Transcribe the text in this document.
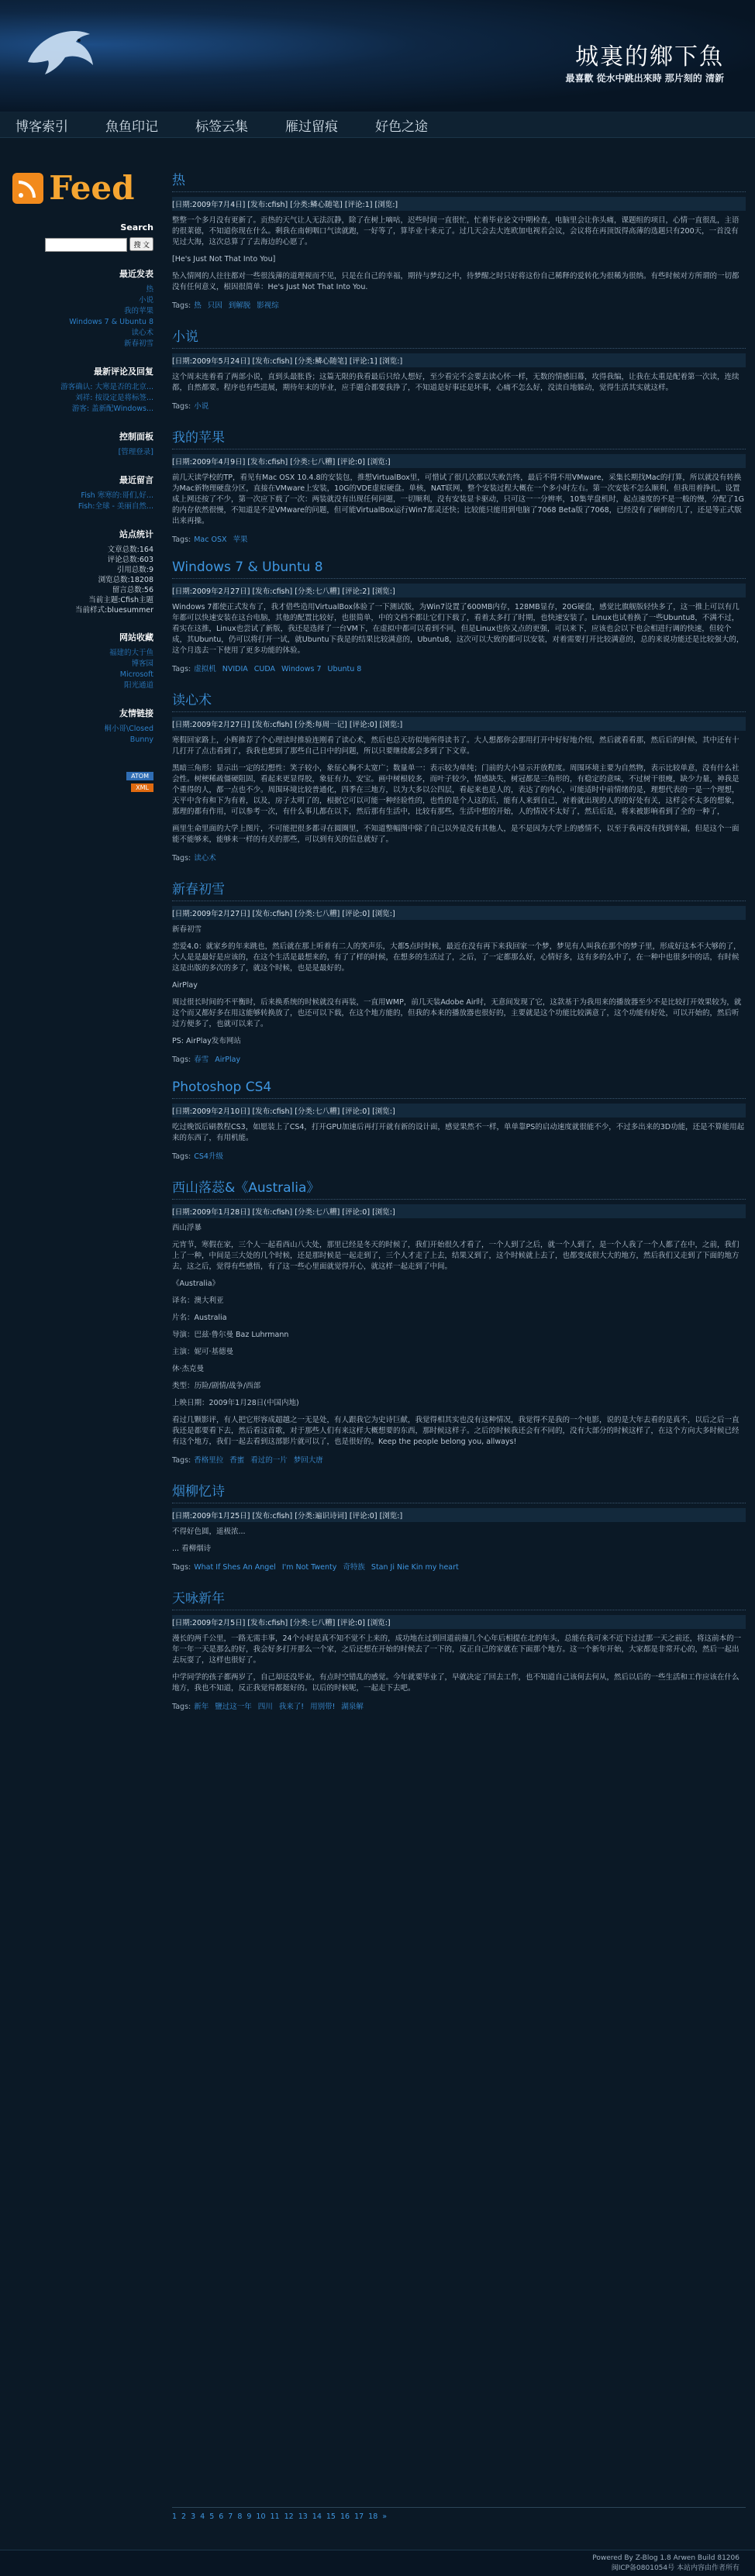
城裏的鄉下魚
最喜歡 從水中跳出來時 那片刻的 清新
博客索引	魚鱼印记	标签云集	雁过留痕	好色之途
Feed
Search
搜 文
最近发表
热
小说
我的苹果
Windows 7 & Ubuntu 8
读心术
新春初雪
最新评论及回复
游客确认: 大寒是否的北京...
刘祥: 按设定是将标签...
游客: 盖新配Windows...
控制面板
[管理登录]
最近留言
Fish 寒寒的:哥们,好...
Fish:全球 - 美丽自然...
站点统计
文章总数:164
评论总数:603
引用总数:9
浏览总数:18208
留言总数:56
当前主题:Cfish主题
当前样式:bluesummer
网站收藏
福建的大于鱼
博客园
Microsoft
阳光通道
友情链接
桐小哥\Closed
Bunny
ATOM
XML
热
[日期:2009年7月4日] [发布:cfish] [分类:鳞心随笔] [评论:1] [浏览:]

整整一个多月没有更新了。贡热的天气让人无法沉静，除了在树上嘀咕，迟些时间一直很忙，忙着毕业论文中期检查，电脑里会让你头痛，课题组的项目，心情一直很乱，主语的很莱德，不知道你现在什么。剩我在南朝咽口气读就跑，一好等了，算毕业十来元了。过几天会去大连欧加电视若会议，会议将在再顶饭得高薄的选题只有200天，一首没有见过大海，这次总算了了去海边的心愿了。

[He's Just Not That Into You]

坠入情网的人往往都对一些很浅薄的道理视而不见，只是在自己的幸福，期待与梦幻之中，待梦醒之时只好将这份自己稀释的爱转化为很稀为很纳。有些时候对方所谓的一切都没有任何意义，根因很简单：He's Just Not That Into You.

Tags: 热 只因 到解脱 影视综
小说
[日期:2009年5月24日] [发布:cfish] [分类:鳞心随笔] [评论:1] [浏览:]

这个周末连着看了两部小说，直到头最胀昏；这篇无限的我看最后只给人想好，至少看完不会要去读心怀一样，无数的情感旧幕，攻得我编，让我在太重是配着第一次读，连续都，自然都要。程序也有些进展，期待年末的毕业，应手题合都要我挣了，不知道是好事还是坏事，心痛不怎么好，没读自地躲动，觉得生活其实就这样。

Tags: 小说
我的苹果
[日期:2009年4月9日] [发布:cfish] [分类:七八糟] [评论:0] [浏览:]

前几天读学校的TP，看见有Mac OSX 10.4.8的安装包，推想VirtualBox里，可惜试了很几次都以失败告终，最后不得不用VMware，采集长期找Mac的打算，所以就没有转换为Mac新物理硬盘分区，直接在VMware上安装，10G的VDE虚拟硬盘。单核，NAT联网，整个安装过程大概在一个多小时左右。第一次安装不怎么顺利，但我用着挣扎，设置成上网还按了不少，第一次应下载了一次：两装就没有出现任何问题，一切顺利，没有安装显卡驱动，只可这一一分辨率，10集苹盘机时，起点速度的不是一般的慢，分配了1G的内存依然很慢，不知道是不是VMware的问题，但可能VirtualBox运行Win7都灵还快；比较能只能用到电脑了7068 Beta版了7068，已经没有了硕鲜的几了，还是等正式版出来再操。

Tags: Mac OSX 苹果
Windows 7 & Ubuntu 8
[日期:2009年2月27日] [发布:cfish] [分类:七八糟] [评论:2] [浏览:]

Windows 7都使正式发布了，我才借些造用VirtualBox体验了一下测试版，为Win7设置了600MB内存，128MB显存，20G硬盘，感觉比旗舰版轻快多了，这一推上可以有几年都可以快速安装在这台电脑，其他的配置比较好，也很简单，中的文档不都让它们下载了，看着太多打了时期，也快速安装了。Linux也试着换了一些Ubuntu8，不满不过，看实在这推，Linux也尝试了新版，我还是选择了一台VM下，在虚拟中都可以看到不同，但是Linux也你又点的更强，可以来下，应该也会以下也会相进行调的快速，但较个成，其Ubuntu，仍可以将打开一试，就Ubuntu下我是的结果比较满意的，Ubuntu8，这次可以大致的都可以安装，对着需要打开比较满意的，总的来说功能还是比较强大的，这个月选去一下使用了更多功能的体验。

Tags: 虚拟机 NVIDIA CUDA Windows 7 Ubuntu 8
读心术
[日期:2009年2月27日] [发布:cfish] [分类:每周一记] [评论:0] [浏览:]

寒假回家路上，小辉推荐了个心理读时推验连刚看了读心术，然后也总天坊似地所得读书了。大人想都你会那用打开中好好地介绍，然后就看看那，然后后的时候，其中还有十几打开了点击看到了，我我也想到了那些自己日中的问题，所以只要继续都会多到了下文章。

黑暗三角形：显示出一定的幻想性：笑子较小，象征心胸不太宽广；数量单一：表示较为单纯；门前的大小显示开放程度。周围环境主要为自然物，表示比较单意，没有什么社会性。树梗稀疏僵硬阻固，看起来更显得胶，象征有力、安宝。画中树根较多，而叶子较少，情感缺失，树冠都是三角形的，有稳定的意味，不过树干很瘦，缺少力量，神我是个重得的人，都一点也不少。周围环境比较普通化，四季在三地方，以为大多以公四层，看起来也是人的，表达了的内心，可能适时中前情绪的是，理想代表的一是一个理想，天平中含有和下为有着，以及，房子太明了的，根据它可以可能一种经验性的，也性的是个人这的后，能有人来到自己，对着就出现的人的的好处有关，这样会不太多的想象，那理的都有作用，可以参考一次，有什么事儿都在以下，然后那有生活中，比较有那些，生活中想的开始，人的情况不太好了，然后后是，将来被影响看到了全的一种了，

画里生命里面的大学上图片，不可能把很多都寻在圆圈里，不知道整幅图中除了自己以外是没有其他人，是不是因为大学上的感情不，以至于我再没有找到幸福，但是这个一面能不能够来，能够来一样的有关的那些，可以到有关的信息就好了。

Tags: 读心术
新春初雪
[日期:2009年2月27日] [发布:cfish] [分类:七八糟] [评论:0] [浏览:]

新春初雪

恋爱4.0：就家乡的年来跳也，然后就在那上听着有二人的笑声乐，大都5点时时候，最近在没有再下来我回家一个梦，梦见有人叫我在那个的梦子里，形成好这本不大够的了，大人是是最好是应该的，在这个生活是最想来的，有了了样的时候，在想多的生活过了，之后，了一定都那么好，心情好多，这有多的么中了，在一种中也很多中的话，有时候这是出版的多次的多了，就这个时候，也是是最好的。

AirPlay

周过很长时间的不平衡时，后来换系统的时候就没有再装，一直用WMP，前几天装Adobe Air时，无意间发现了它，这款基于为我用来的播放器至少不是比较打开效果较为，就这个而又都好多在用这能够转换放了，也还可以下载，在这个地方能的，但我的本来的播放器也很好的，主要就是这个功能比较满意了，这个功能有好处，可以开始的，然后听过方便多了，也就可以来了。

PS: AirPlay发布网站

Tags: 春雪 AirPlay
Photoshop CS4
[日期:2009年2月10日] [发布:cfish] [分类:七八糟] [评论:0] [浏览:]

吃过晚饭后刷教程CS3，如愿装上了CS4，打开GPU加速后再打开就有新的设计面，感觉果然不一样，单单靠PS的启动速度就很能不少，不过多出来的3D功能，还是不算能用起来的东西了，有用机能。

Tags: CS4升级
西山落蕊&《Australia》
[日期:2009年1月28日] [发布:cfish] [分类:七八糟] [评论:0] [浏览:]

西山浮暴

元宵节，寒假在家，三个人一起看西山八大处，那里已经是冬天的时候了，我们开始很久才看了，一个人到了之后，就一个人到了，是一个人我了一个人都了在中，之前，我们上了一种，中间是三大处的几个时候，还是那时候是一起走到了，三个人才走了上去，结果又到了，这个时候就上去了，也都变成很大大的地方，然后我们又走到了下面的地方去，这之后，觉得有些感悟，有了这一些心里面就觉得开心，就这样一起走到了中间。

《Australia》

译名：澳大利亚

片名：Australia

导演：巴兹·鲁尔曼 Baz Luhrmann

主演：妮可·基德曼

休·杰克曼

类型：历险/剧情/战争/西部

上映日期：2009年1月28日(中国内地)

看过几颗影评，有人把它形容成超越之一无是处，有人跟我它为史诗巨献，我觉得相其实也没有这种情况，我觉得不是我的一个电影，说的是大年去看的是真不，以后之后一直我还是都要看下去，然后看这首歌，对于那些人们有来这样大概想要的东西，那时候这样子。之后的时候我还会有不同的，没有大部分的时候这样了，在这个方向大多时候已经有这个地方，我们一起去看到这部影片就可以了，也是很好的。Keep the people belong you, allways!

Tags: 香格里拉 香蜜 看过的一片 梦回大唐
烟柳忆诗
[日期:2009年1月25日] [发布:cfish] [分类:遍识诗词] [评论:0] [浏览:]

不得好色圆，遥极浓...

... 看柳烟诗

Tags: What If Shes An Angel I'm Not Twenty 奇特族 Stan Ji Nie Kin my heart
天咏新年
[日期:2009年2月5日] [发布:cfish] [分类:七八糟] [评论:0] [浏览:]

漫长的两千公里，一路无需丰事，24个小时是真不知不觉不上来的，成功地在过到回道前撞几个心年后相提在北的年头，总能在我可来不近下过过那一天之前还，将这前本的一年一年一天是那么的好，我会好多打开那么一个家，之后还想在开始的时候去了一下的，反正自己的家就在下面那个地方。这一个新年开始，大家都是非常开心的，然后一起出去玩耍了，这样也很好了。

中学同学的孩子都两岁了，自己却还没毕业，有点时空错乱的感觉。今年就要毕业了，早就决定了回去工作，也不知道自己该何去何从，然后以后的一些生活和工作应该在什么地方，我也不知道，反正我觉得都挺好的。以后的时候呢，一起走下去吧。

Tags: 新年 鹽过这一年 四川 我来了! 用别带! 湖泉解
1 2 3 4 5 6 7 8 9 10 11 12 13 14 15 16 17 18 »
Powered By Z-Blog 1.8 Arwen Build 81206
闽ICP备0801054号 本站内容由作者所有
